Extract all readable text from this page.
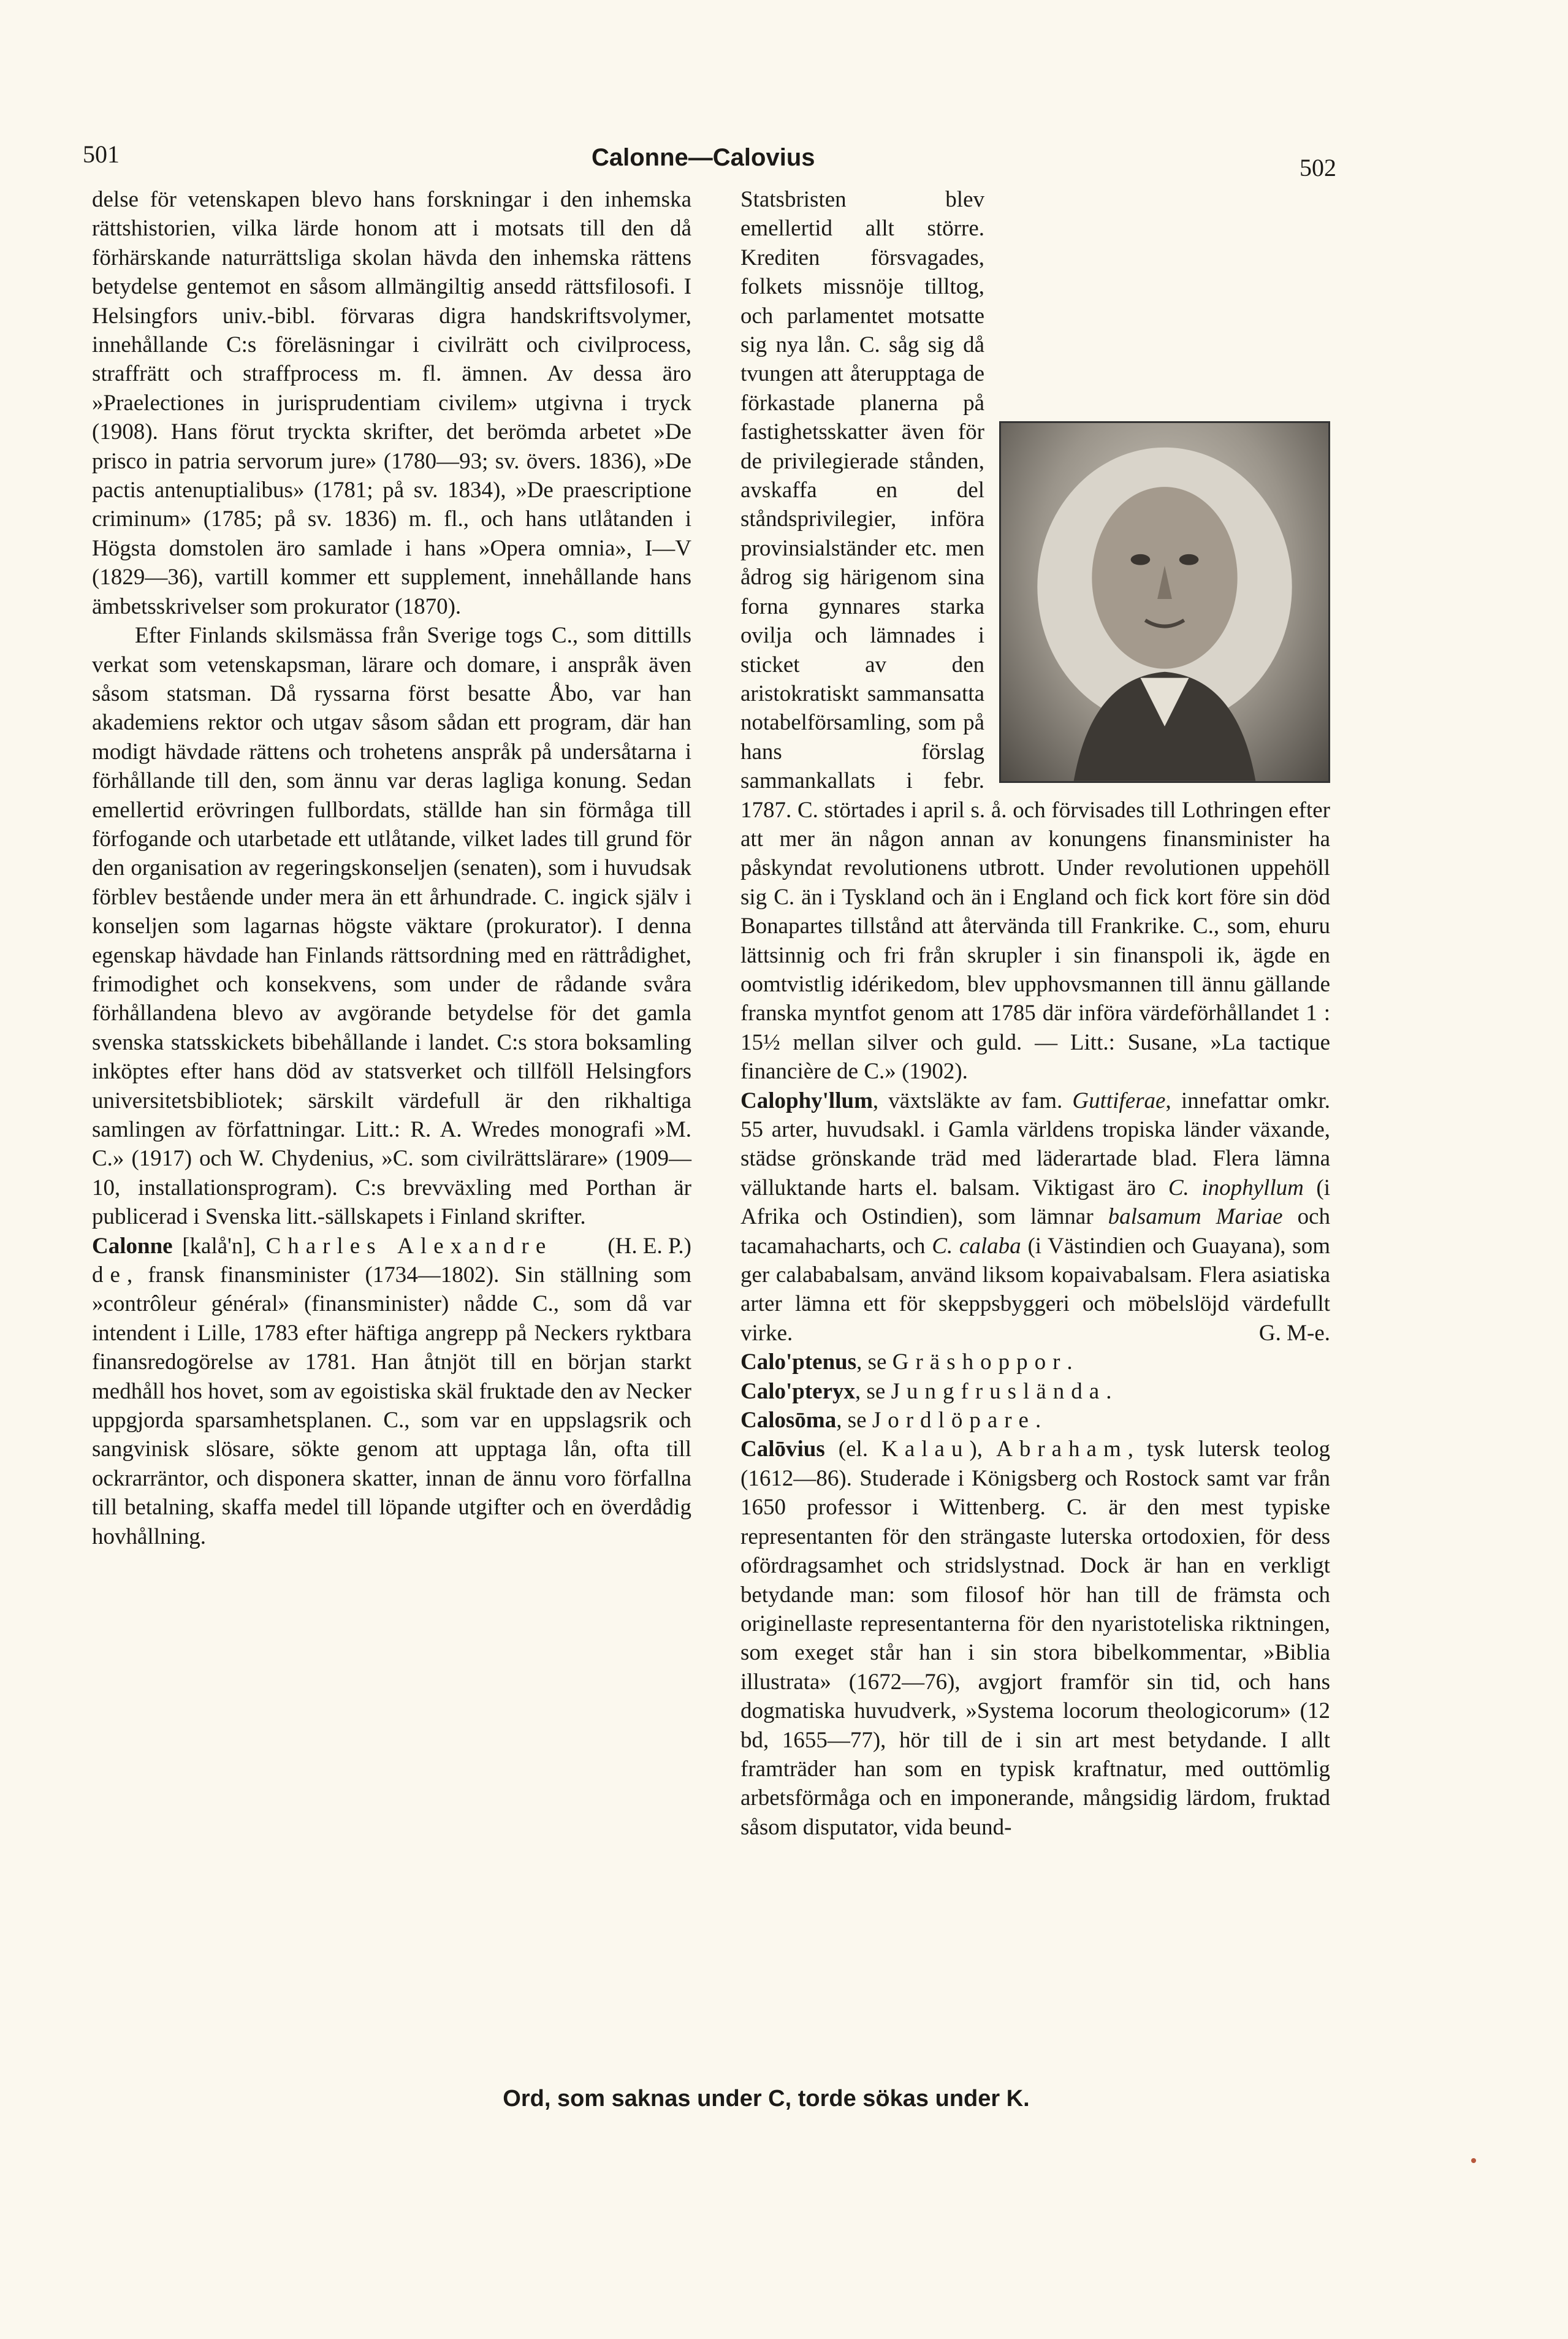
501	Calonne—Calovius	502

delse för vetenskapen blevo hans forskningar i den inhemska rättshistorien, vilka lärde honom att i motsats till den då förhärskande naturrättsliga skolan hävda den inhemska rättens betydelse gentemot en såsom allmängiltig ansedd rättsfilosofi. I Helsingfors univ.-bibl. förvaras digra handskriftsvolymer, innehållande C:s föreläsningar i civilrätt och civilprocess, straffrätt och straffprocess m. fl. ämnen. Av dessa äro »Praelectiones in jurisprudentiam civilem» utgivna i tryck (1908). Hans förut tryckta skrifter, det berömda arbetet »De prisco in patria servorum jure» (1780—93; sv. övers. 1836), »De pactis antenuptialibus» (1781; på sv. 1834), »De praescriptione criminum» (1785; på sv. 1836) m. fl., och hans utlåtanden i Högsta domstolen äro samlade i hans »Opera omnia», I—V (1829—36), vartill kommer ett supplement, innehållande hans ämbetsskrivelser som prokurator (1870).

Efter Finlands skilsmässa från Sverige togs C., som dittills verkat som vetenskapsman, lärare och domare, i anspråk även såsom statsman. Då ryssarna först besatte Åbo, var han akademiens rektor och utgav såsom sådan ett program, där han modigt hävdade rättens och trohetens anspråk på undersåtarna i förhållande till den, som ännu var deras lagliga konung. Sedan emellertid erövringen fullbordats, ställde han sin förmåga till förfogande och utarbetade ett utlåtande, vilket lades till grund för den organisation av regeringskonseljen (senaten), som i huvudsak förblev bestående under mera än ett århundrade. C. ingick själv i konseljen som lagarnas högste väktare (prokurator). I denna egenskap hävdade han Finlands rättsordning med en rättrådighet, frimodighet och konsekvens, som under de rådande svåra förhållandena blevo av avgörande betydelse för det gamla svenska statsskickets bibehållande i landet. C:s stora boksamling inköptes efter hans död av statsverket och tillföll Helsingfors universitetsbibliotek; särskilt värdefull är den rikhaltiga samlingen av författningar. Litt.: R. A. Wredes monografi »M. C.» (1917) och W. Chydenius, »C. som civilrättslärare» (1909—10, installationsprogram). C:s brevväxling med Porthan är publicerad i Svenska litt.-sällskapets i Finland skrifter.
(H. E. P.)

Calonne [kalå'n], Charles Alexandre de, fransk finansminister (1734—1802). Sin ställning som »contrôleur général» (finansminister) nådde C., som då var intendent i Lille, 1783 efter häftiga angrepp på Neckers ryktbara finansredogörelse av 1781. Han åtnjöt till en början starkt medhåll hos hovet, som av egoistiska skäl fruktade den av Necker uppgjorda sparsamhetsplanen. C., som var en uppslagsrik och sangvinisk slösare, sökte genom att upptaga lån, ofta till ockrarräntor, och disponera skatter, innan de ännu voro förfallna till betalning, skaffa medel till löpande utgifter och en överdådig hovhållning.

Statsbristen blev emellertid allt större. Krediten försvagades, folkets missnöje tilltog, och parlamentet motsatte sig nya lån. C. såg sig då tvungen att återupptaga de förkastade planerna på fastighetsskatter även för de privilegierade stånden, avskaffa en del ståndsprivilegier, införa provinsialständer etc. men ådrog sig härigenom sina forna gynnares starka ovilja och lämnades i sticket av den aristokratiskt sammansatta notabelförsamling, som på hans förslag sammankallats i febr. 1787. C. störtades i april s. å. och förvisades till Lothringen efter att mer än någon annan av konungens finansminister ha påskyndat revolutionens utbrott. Under revolutionen uppehöll sig C. än i Tyskland och än i England och fick kort före sin död Bonapartes tillstånd att återvända till Frankrike. C., som, ehuru lättsinnig och fri från skrupler i sin finanspoli ik, ägde en oomtvistlig idérikedom, blev upphovsmannen till ännu gällande franska myntfot genom att 1785 där införa värdeförhållandet 1 : 15½ mellan silver och guld. — Litt.: Susane, »La tactique financière de C.» (1902).

Calophy'llum, växtsläkte av fam. Guttiferae, innefattar omkr. 55 arter, huvudsakl. i Gamla världens tropiska länder växande, städse grönskande träd med läderartade blad. Flera lämna välluktande harts el. balsam. Viktigast äro C. inophyllum (i Afrika och Ostindien), som lämnar balsamum Mariae och tacamahacharts, och C. calaba (i Västindien och Guayana), som ger calababalsam, använd liksom kopaivabalsam. Flera asiatiska arter lämna ett för skeppsbyggeri och möbelslöjd värdefullt virke.	G. M-e.

Calo'ptenus, se Gräshoppor.

Calo'pteryx, se Jungfruslända.

Calosōma, se Jordlöpare.

Calōvius (el. Kalau), Abraham, tysk lutersk teolog (1612—86). Studerade i Königsberg och Rostock samt var från 1650 professor i Wittenberg. C. är den mest typiske representanten för den strängaste luterska ortodoxien, för dess ofördragsamhet och stridslystnad. Dock är han en verkligt betydande man: som filosof hör han till de främsta och originellaste representanterna för den nyaristoteliska riktningen, som exeget står han i sin stora bibelkommentar, »Biblia illustrata» (1672—76), avgjort framför sin tid, och hans dogmatiska huvudverk, »Systema locorum theologicorum» (12 bd, 1655—77), hör till de i sin art mest betydande. I allt framträder han som en typisk kraftnatur, med outtömlig arbetsförmåga och en imponerande, mångsidig lärdom, fruktad såsom disputator, vida beund-

Ord, som saknas under C, torde sökas under K.
